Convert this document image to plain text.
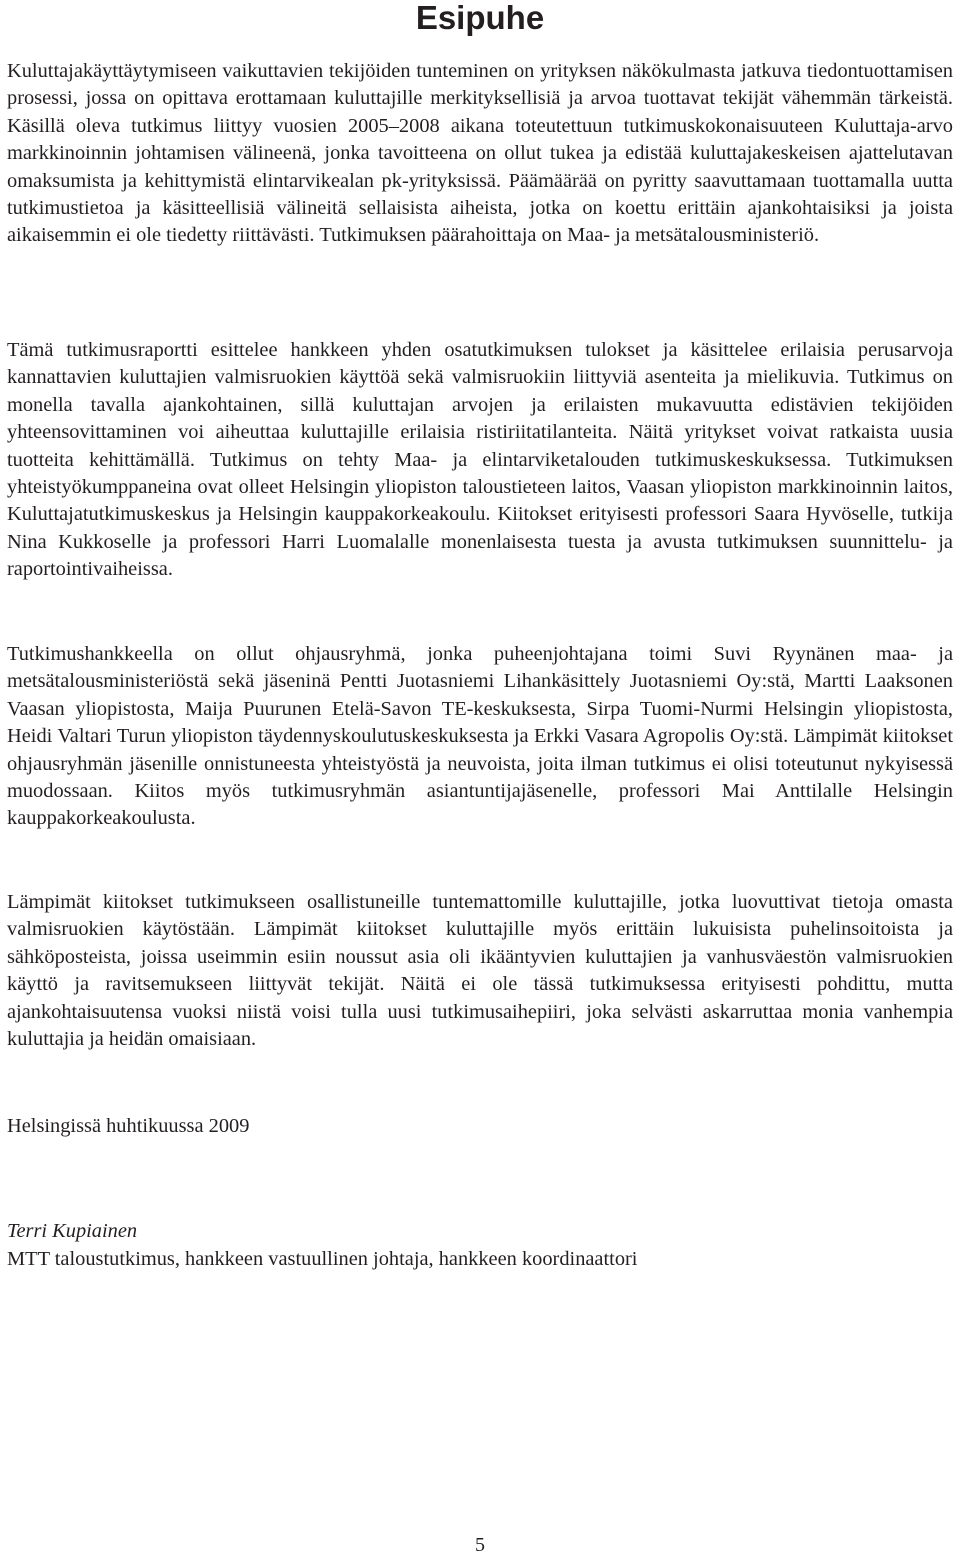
Esipuhe

Kuluttajakäyttäytymiseen vaikuttavien tekijöiden tunteminen on yrityksen näkökulmasta jatkuva tiedontuottamisen prosessi, jossa on opittava erottamaan kuluttajille merkityksellisiä ja arvoa tuottavat tekijät vähemmän tärkeistä. Käsillä oleva tutkimus liittyy vuosien 2005–2008 aikana toteutettuun tutkimuskokonaisuuteen Kuluttaja-arvo markkinoinnin johtamisen välineenä, jonka tavoitteena on ollut tukea ja edistää kuluttajakeskeisen ajattelutavan omaksumista ja kehittymistä elintarvikealan pk-yrityksissä. Päämäärää on pyritty saavuttamaan tuottamalla uutta tutkimustietoa ja käsitteellisiä välineitä sellaisista aiheista, jotka on koettu erittäin ajankohtaisiksi ja joista aikaisemmin ei ole tiedetty riittävästi. Tutkimuksen päärahoittaja on Maa- ja metsätalousministeriö.

Tämä tutkimusraportti esittelee hankkeen yhden osatutkimuksen tulokset ja käsittelee erilaisia perusarvoja kannattavien kuluttajien valmisruokien käyttöä sekä valmisruokiin liittyviä asenteita ja mielikuvia. Tutkimus on monella tavalla ajankohtainen, sillä kuluttajan arvojen ja erilaisten mukavuutta edistävien tekijöiden yhteensovittaminen voi aiheuttaa kuluttajille erilaisia ristiriitatilanteita. Näitä yritykset voivat ratkaista uusia tuotteita kehittämällä. Tutkimus on tehty Maa- ja elintarviketalouden tutkimuskeskuksessa. Tutkimuksen yhteistyökumppaneina ovat olleet Helsingin yliopiston taloustieteen laitos, Vaasan yliopiston markkinoinnin laitos, Kuluttajatutkimuskeskus ja Helsingin kauppakorkeakoulu. Kiitokset erityisesti professori Saara Hyvöselle, tutkija Nina Kukkoselle ja professori Harri Luomalalle monenlaisesta tuesta ja avusta tutkimuksen suunnittelu- ja raportointivaiheissa.

Tutkimushankkeella on ollut ohjausryhmä, jonka puheenjohtajana toimi Suvi Ryynänen maa- ja metsätalousministeriöstä sekä jäseninä Pentti Juotasniemi Lihankäsittely Juotasniemi Oy:stä, Martti Laaksonen Vaasan yliopistosta, Maija Puurunen Etelä-Savon TE-keskuksesta, Sirpa Tuomi-Nurmi Helsingin yliopistosta, Heidi Valtari Turun yliopiston täydennyskoulutuskeskuksesta ja Erkki Vasara Agropolis Oy:stä. Lämpimät kiitokset ohjausryhmän jäsenille onnistuneesta yhteistyöstä ja neuvoista, joita ilman tutkimus ei olisi toteutunut nykyisessä muodossaan. Kiitos myös tutkimusryhmän asiantuntijajäsenelle, professori Mai Anttilalle Helsingin kauppakorkeakoulusta.

Lämpimät kiitokset tutkimukseen osallistuneille tuntemattomille kuluttajille, jotka luovuttivat tietoja omasta valmisruokien käytöstään. Lämpimät kiitokset kuluttajille myös erittäin lukuisista puhelinsoitoista ja sähköposteista, joissa useimmin esiin noussut asia oli ikääntyvien kuluttajien ja vanhusväestön valmisruokien käyttö ja ravitsemukseen liittyvät tekijät. Näitä ei ole tässä tutkimuksessa erityisesti pohdittu, mutta ajankohtaisuutensa vuoksi niistä voisi tulla uusi tutkimusaihepiiri, joka selvästi askarruttaa monia vanhempia kuluttajia ja heidän omaisiaan.

Helsingissä huhtikuussa 2009

Terri Kupiainen

MTT taloustutkimus, hankkeen vastuullinen johtaja, hankkeen koordinaattori

5
